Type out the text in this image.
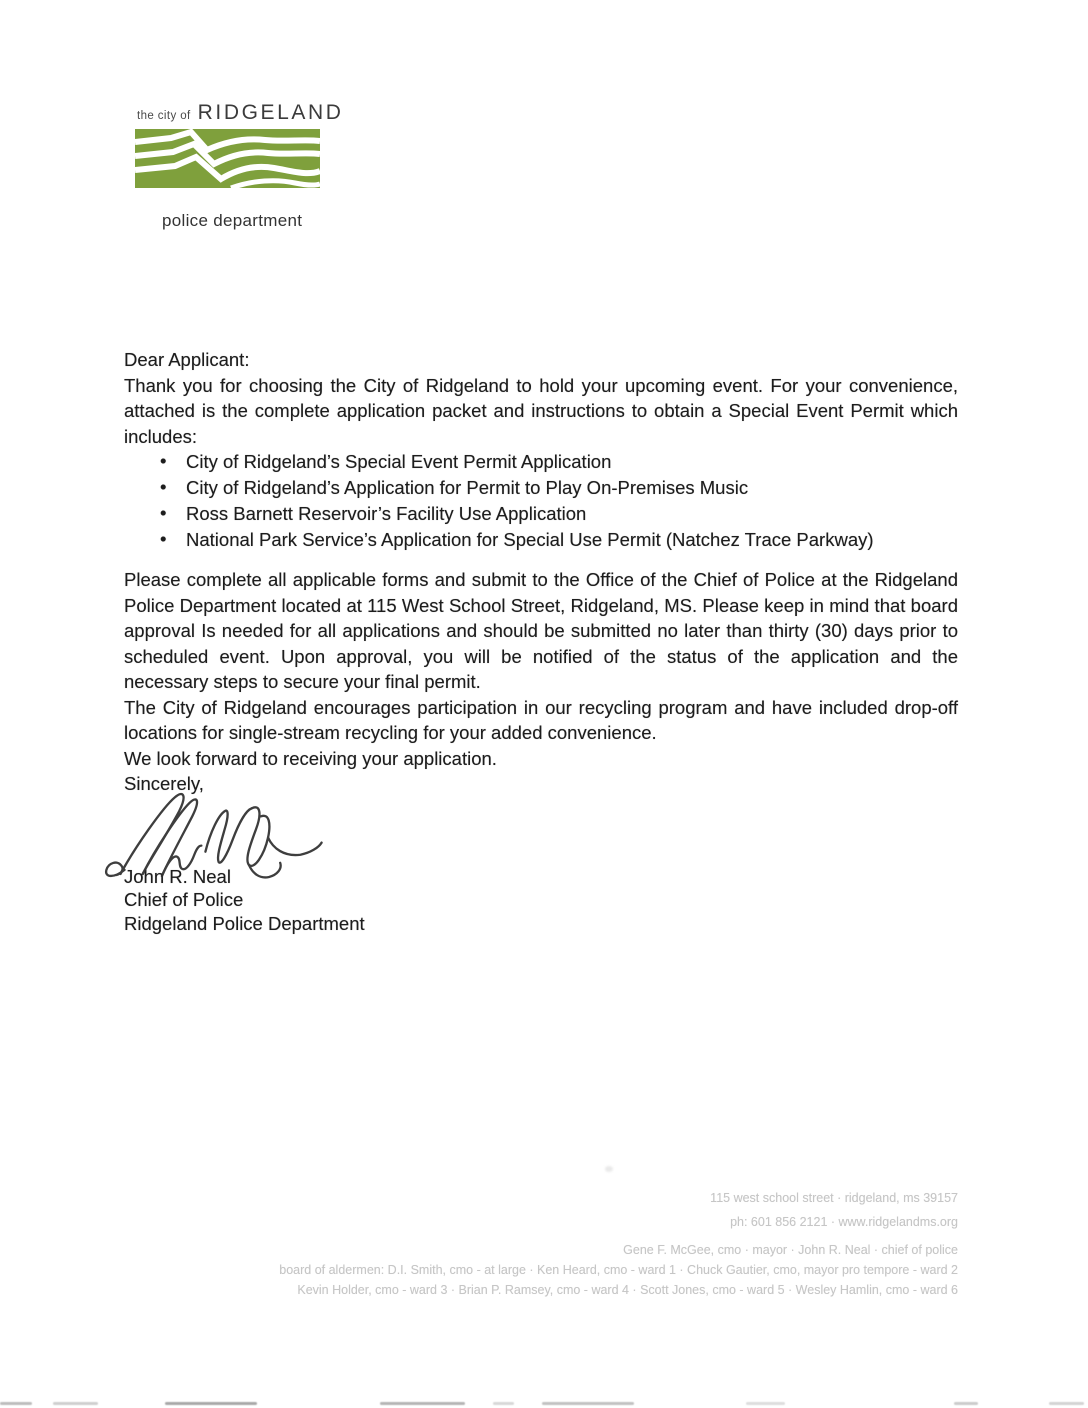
the city of RIDGELAND
police department

Dear Applicant:

Thank you for choosing the City of Ridgeland to hold your upcoming event. For your convenience, attached is the complete application packet and instructions to obtain a Special Event Permit which includes:

• City of Ridgeland’s Special Event Permit Application
• City of Ridgeland’s Application for Permit to Play On-Premises Music
• Ross Barnett Reservoir’s Facility Use Application
• National Park Service’s Application for Special Use Permit (Natchez Trace Parkway)

Please complete all applicable forms and submit to the Office of the Chief of Police at the Ridgeland Police Department located at 115 West School Street, Ridgeland, MS. Please keep in mind that board approval Is needed for all applications and should be submitted no later than thirty (30) days prior to scheduled event. Upon approval, you will be notified of the status of the application and the necessary steps to secure your final permit.

The City of Ridgeland encourages participation in our recycling program and have included drop-off locations for single-stream recycling for your added convenience.

We look forward to receiving your application.

Sincerely,

John R. Neal

Chief of Police

Ridgeland Police Department

115 west school street · ridgeland, ms 39157
ph: 601 856 2121 · www.ridgelandms.org
Gene F. McGee, cmo · mayor · John R. Neal · chief of police
board of aldermen: D.I. Smith, cmo - at large · Ken Heard, cmo - ward 1 · Chuck Gautier, cmo, mayor pro tempore - ward 2
Kevin Holder, cmo - ward 3 · Brian P. Ramsey, cmo - ward 4 · Scott Jones, cmo - ward 5 · Wesley Hamlin, cmo - ward 6
